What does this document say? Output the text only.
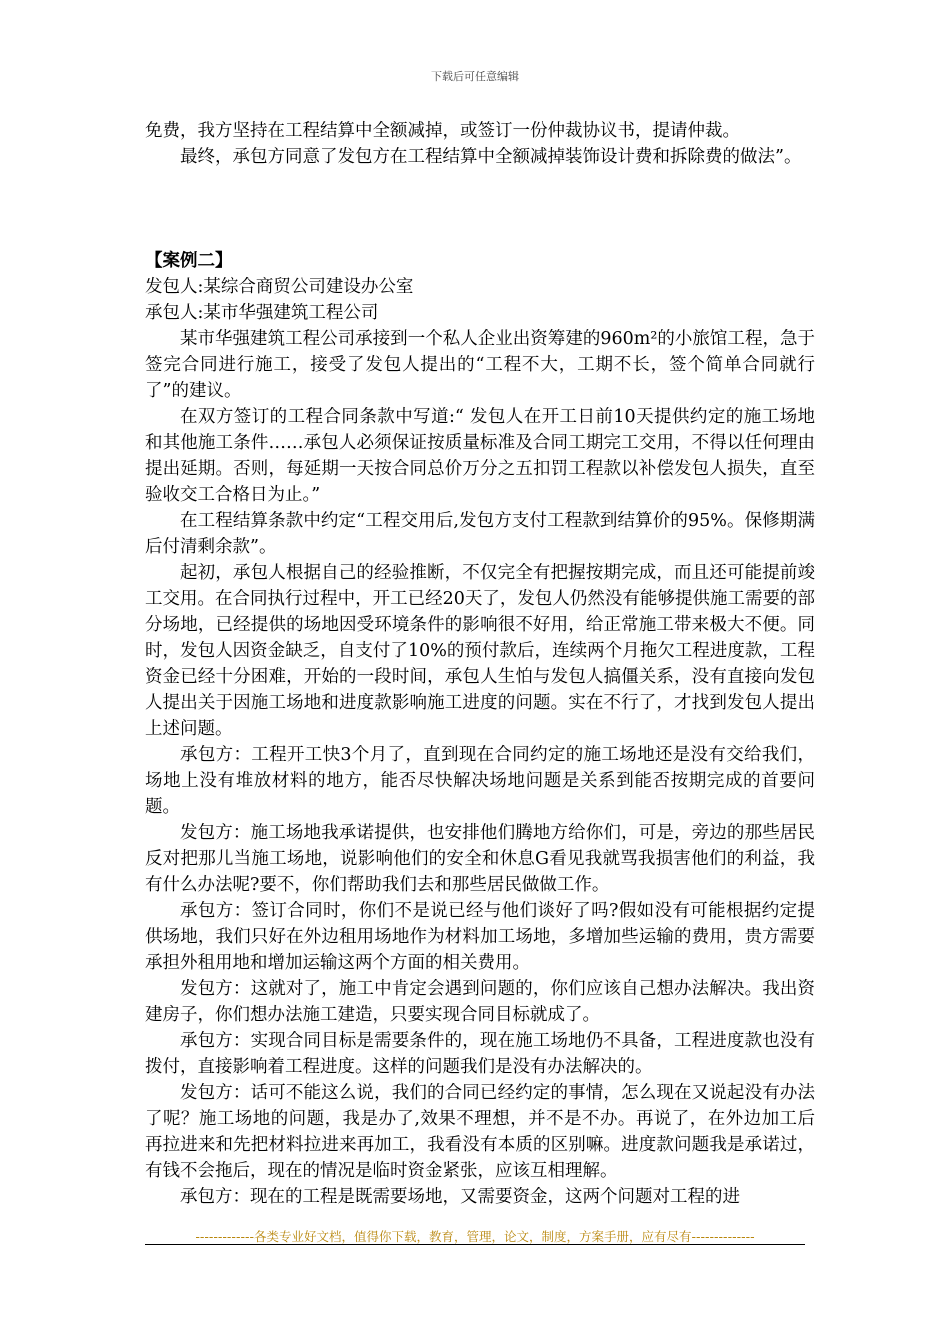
下载后可任意编辑

免费，我方坚持在工程结算中全额减掉，或签订一份仲裁协议书，提请仲裁。

最终，承包方同意了发包方在工程结算中全额减掉装饰设计费和拆除费的做法”。

【案例二】

发包人:某综合商贸公司建设办公室

承包人:某市华强建筑工程公司

某市华强建筑工程公司承接到一个私人企业出资筹建的960m²的小旅馆工程，急于签完合同进行施工，接受了发包人提出的“工程不大，工期不长，签个简单合同就行了”的建议。

在双方签订的工程合同条款中写道:“ 发包人在开工日前10天提供约定的施工场地和其他施工条件……承包人必须保证按质量标准及合同工期完工交用，不得以任何理由提出延期。否则，每延期一天按合同总价万分之五扣罚工程款以补偿发包人损失，直至验收交工合格日为止。”

在工程结算条款中约定“工程交用后,发包方支付工程款到结算价的95%。保修期满后付清剩余款”。

起初，承包人根据自己的经验推断，不仅完全有把握按期完成，而且还可能提前竣工交用。在合同执行过程中，开工已经20天了，发包人仍然没有能够提供施工需要的部分场地，已经提供的场地因受环境条件的影响很不好用，给正常施工带来极大不便。同时，发包人因资金缺乏，自支付了10%的预付款后，连续两个月拖欠工程进度款，工程资金已经十分困难，开始的一段时间，承包人生怕与发包人搞僵关系，没有直接向发包人提出关于因施工场地和进度款影响施工进度的问题。实在不行了，才找到发包人提出上述问题。

承包方：工程开工快3个月了，直到现在合同约定的施工场地还是没有交给我们，场地上没有堆放材料的地方，能否尽快解决场地问题是关系到能否按期完成的首要问题。

发包方：施工场地我承诺提供，也安排他们腾地方给你们，可是，旁边的那些居民反对把那儿当施工场地，说影响他们的安全和休息G看见我就骂我损害他们的利益，我有什么办法呢?要不，你们帮助我们去和那些居民做做工作。

承包方：签订合同时，你们不是说已经与他们谈好了吗?假如没有可能根据约定提供场地，我们只好在外边租用场地作为材料加工场地，多增加些运输的费用，贵方需要承担外租用地和增加运输这两个方面的相关费用。

发包方：这就对了，施工中肯定会遇到问题的，你们应该自己想办法解决。我出资建房子，你们想办法施工建造，只要实现合同目标就成了。

承包方：实现合同目标是需要条件的，现在施工场地仍不具备，工程进度款也没有拨付，直接影响着工程进度。这样的问题我们是没有办法解决的。

发包方：话可不能这么说，我们的合同已经约定的事情，怎么现在又说起没有办法了呢？施工场地的问题，我是办了,效果不理想，并不是不办。再说了，在外边加工后再拉进来和先把材料拉进来再加工，我看没有本质的区别嘛。进度款问题我是承诺过，有钱不会拖后，现在的情况是临时资金紧张，应该互相理解。

承包方：现在的工程是既需要场地，又需要资金，这两个问题对工程的进

-------------各类专业好文档，值得你下载，教育，管理，论文，制度，方案手册，应有尽有--------------
